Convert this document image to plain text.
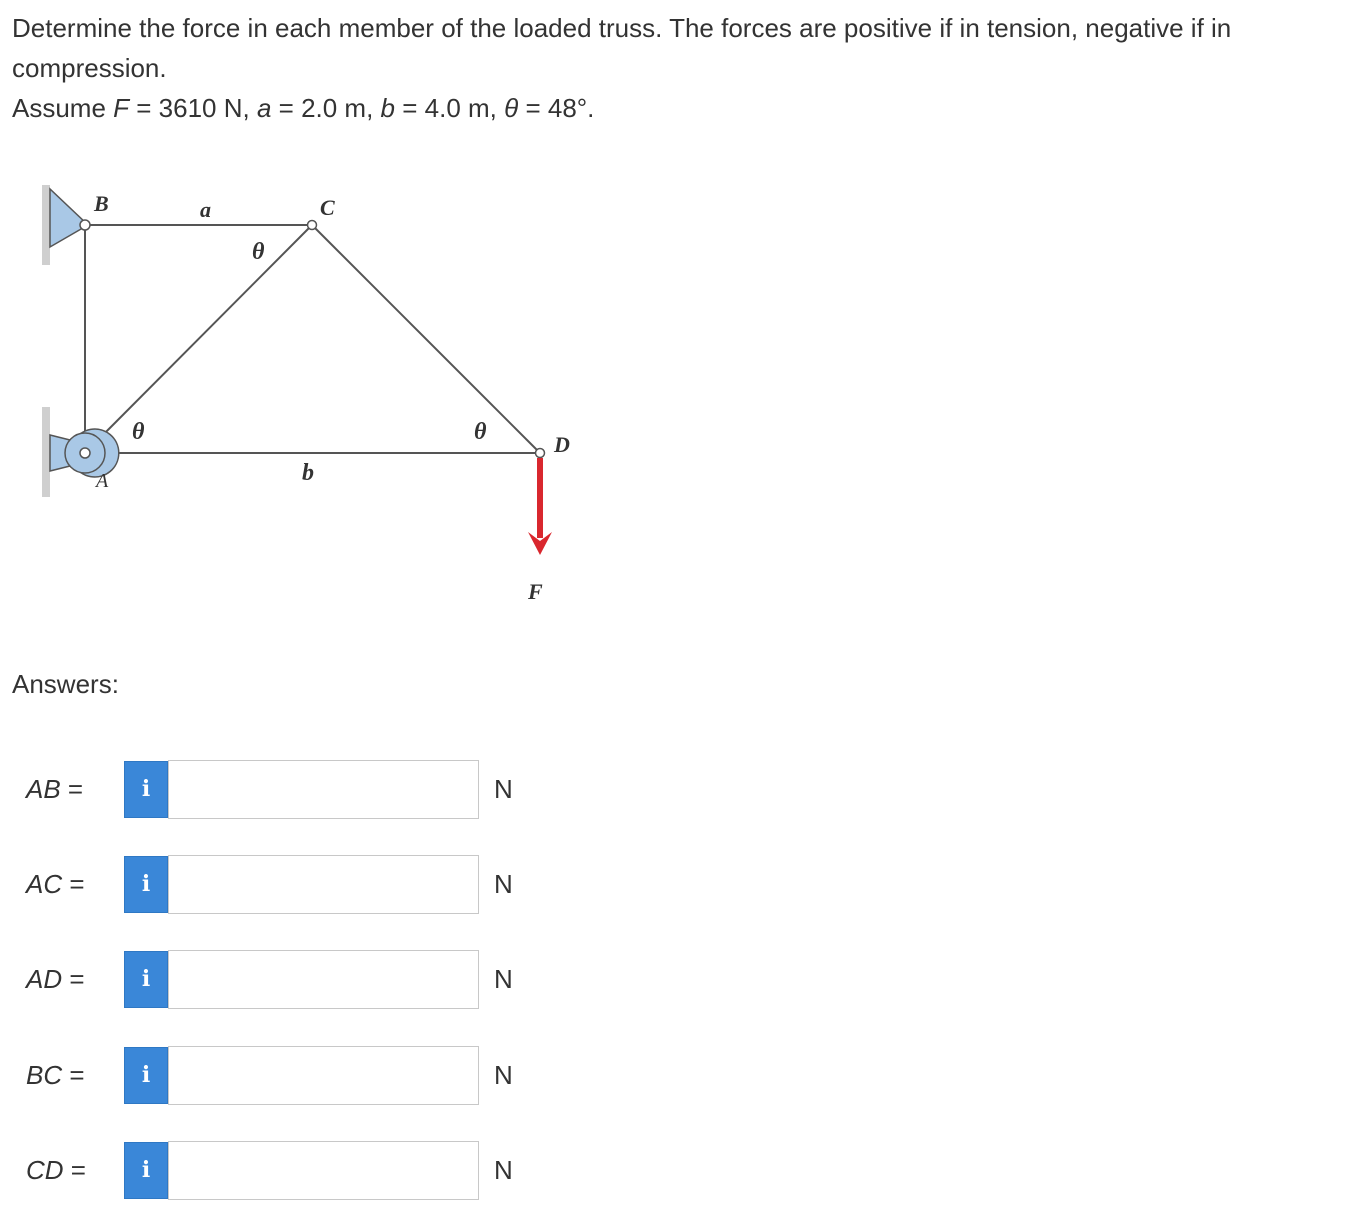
Determine the force in each member of the loaded truss. The forces are positive if in tension, negative if in compression.

Assume F = 3610 N, a = 2.0 m, b = 4.0 m, θ = 48°.

B	a	C
θ
θ	θ	D
A	b
F
Answers:
AB =	i	N
AC =	i	N
AD =	i	N
BC =	i	N
CD =	i	N
